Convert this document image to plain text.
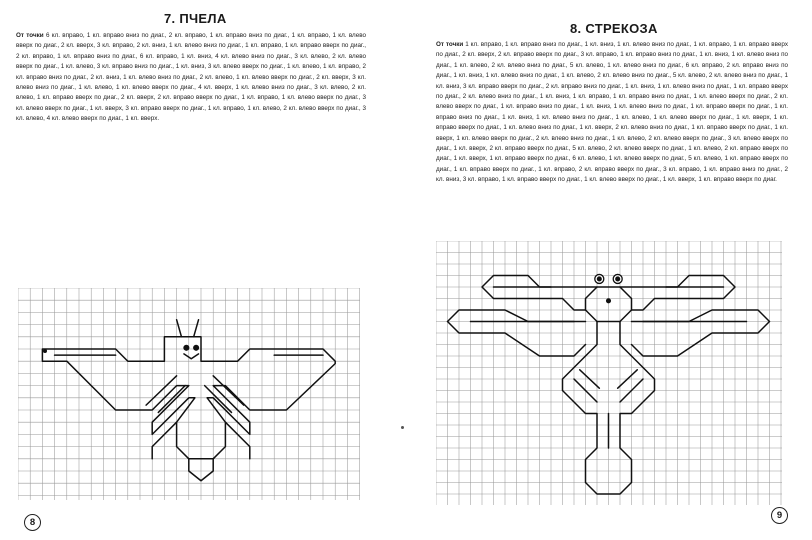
7. ПЧЕЛА

От точки 6 кл. вправо, 1 кл. вправо вниз по диаг., 2 кл. вправо, 1 кл. вправо вниз по диаг., 1 кл. вправо, 1 кл. влево вверх по диаг., 2 кл. вверх, 3 кл. вправо, 2 кл. вниз, 1 кл. влево вниз по диаг., 1 кл. вправо, 1 кл. вправо вверх по диаг., 2 кл. вправо, 1 кл. вправо вниз по диаг., 6 кл. вправо, 1 кл. вниз, 4 кл. влево вниз по диаг., 3 кл. влево, 2 кл. влево вверх по диаг., 1 кл. влево, 3 кл. вправо вниз по диаг., 1 кл. вниз, 3 кл. влево вверх по диаг., 1 кл. влево, 1 кл. вправо, 2 кл. вправо вниз по диаг., 2 кл. вниз, 1 кл. влево вниз по диаг., 2 кл. влево, 1 кл. влево вверх по диаг., 2 кл. вверх, 3 кл. влево вниз по диаг., 1 кл. влево, 1 кл. влево вверх по диаг., 4 кл. вверх, 1 кл. влево вниз по диаг., 3 кл. влево, 2 кл. влево, 1 кл. вправо вверх по диаг., 2 кл. вверх, 2 кл. вправо вверх по диаг., 1 кл. вправо, 1 кл. влево вверх по диаг., 3 кл. влево вверх по диаг., 1 кл. вверх, 3 кл. вправо вверх по диаг., 1 кл. вправо, 1 кл. влево, 2 кл. влево вверх по диаг., 3 кл. влево, 4 кл. влево вверх по диаг., 1 кл. вверх.

8
8. СТРЕКОЗА

От точки 1 кл. вправо, 1 кл. вправо вниз по диаг., 1 кл. вниз, 1 кл. влево вниз по диаг., 1 кл. вправо, 1 кл. вправо вверх по диаг., 2 кл. вверх, 2 кл. вправо вверх по диаг., 3 кл. вправо, 1 кл. вправо вниз по диаг., 1 кл. вниз, 1 кл. влево вниз по диаг., 1 кл. влево, 2 кл. влево вниз по диаг., 5 кл. влево, 1 кл. влево вниз по диаг., 6 кл. вправо, 2 кл. вправо вниз по диаг., 1 кл. вниз, 1 кл. влево вниз по диаг., 1 кл. влево, 2 кл. влево вниз по диаг., 5 кл. влево, 2 кл. влево вниз по диаг., 1 кл. вниз, 3 кл. вправо вверх по диаг., 2 кл. вправо вниз по диаг., 1 кл. вниз, 1 кл. влево вниз по диаг., 1 кл. вправо вверх по диаг., 2 кл. влево вниз по диаг., 1 кл. вниз, 1 кл. вправо, 1 кл. вправо вниз по диаг., 1 кл. влево вверх по диаг., 2 кл. влево вверх по диаг., 1 кл. вправо вниз по диаг., 1 кл. вниз, 1 кл. влево вниз по диаг., 1 кл. вправо вверх по диаг., 1 кл. вправо вниз по диаг., 1 кл. вниз, 1 кл. влево вниз по диаг., 1 кл. влево, 1 кл. влево вверх по диаг., 1 кл. вверх, 1 кл. вправо вверх по диаг., 1 кл. влево вниз по диаг., 1 кл. вверх, 2 кл. влево вниз по диаг., 1 кл. вправо вверх по диаг., 1 кл. вверх, 1 кл. влево вверх по диаг., 2 кл. влево вниз по диаг., 1 кл. влево, 2 кл. влево вверх по диаг., 3 кл. влево вверх по диаг., 1 кл. вверх, 2 кл. вправо вверх по диаг., 5 кл. влево, 2 кл. влево вверх по диаг., 1 кл. влево, 2 кл. вправо вверх по диаг., 1 кл. вверх, 1 кл. вправо вверх по диаг., 6 кл. влево, 1 кл. влево вверх по диаг., 5 кл. влево, 1 кл. вправо вверх по диаг., 1 кл. вправо вверх по диаг., 1 кл. вправо, 2 кл. вправо вверх по диаг., 3 кл. вправо, 1 кл. вправо вниз по диаг., 2 кл. вниз, 3 кл. вправо, 1 кл. вправо вверх по диаг., 1 кл. влево вверх по диаг., 1 кл. вверх, 1 кл. вправо вверх по диаг.

9
